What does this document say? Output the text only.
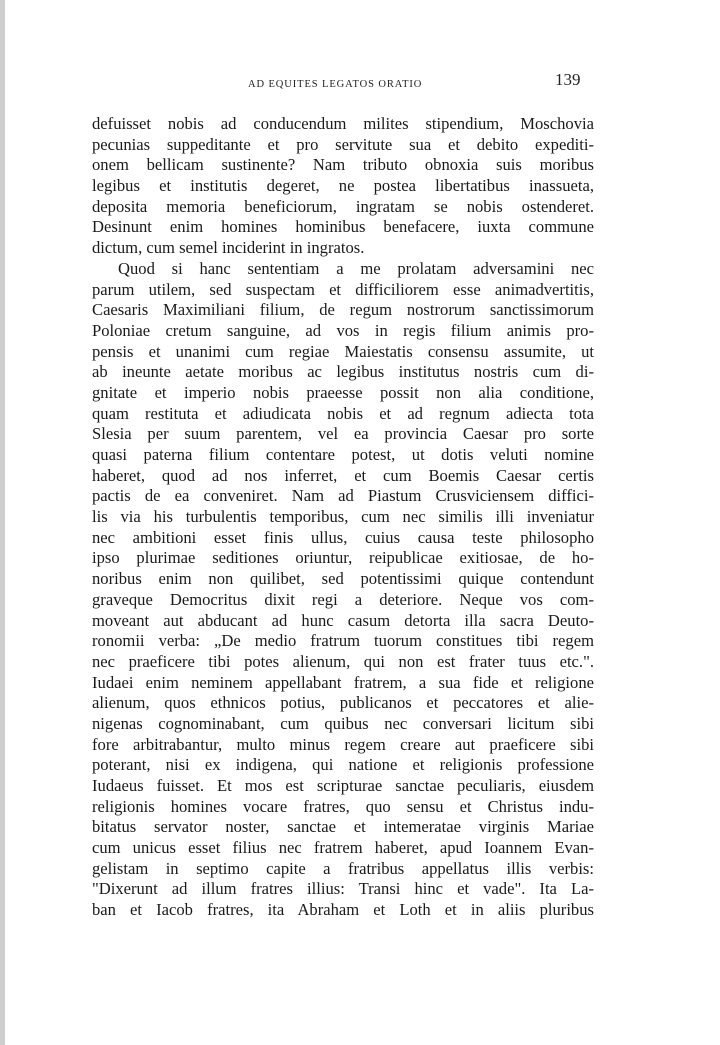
AD EQUITES LEGATOS ORATIO	139
defuisset nobis ad conducendum milites stipendium, Moschovia
pecunias suppeditante et pro servitute sua et debito expediti-
onem bellicam sustinente? Nam tributo obnoxia suis moribus
legibus et institutis degeret, ne postea libertatibus inassueta,
deposita memoria beneficiorum, ingratam se nobis ostenderet.
Desinunt enim homines hominibus benefacere, iuxta commune
dictum, cum semel inciderint in ingratos.
Quod si hanc sententiam a me prolatam adversamini nec
parum utilem, sed suspectam et difficiliorem esse animadvertitis,
Caesaris Maximiliani filium, de regum nostrorum sanctissimorum
Poloniae cretum sanguine, ad vos in regis filium animis pro-
pensis et unanimi cum regiae Maiestatis consensu assumite, ut
ab ineunte aetate moribus ac legibus institutus nostris cum di-
gnitate et imperio nobis praeesse possit non alia conditione,
quam restituta et adiudicata nobis et ad regnum adiecta tota
Slesia per suum parentem, vel ea provincia Caesar pro sorte
quasi paterna filium contentare potest, ut dotis veluti nomine
haberet, quod ad nos inferret, et cum Boemis Caesar certis
pactis de ea conveniret. Nam ad Piastum Crusviciensem diffici-
lis via his turbulentis temporibus, cum nec similis illi inveniatur
nec ambitioni esset finis ullus, cuius causa teste philosopho
ipso plurimae seditiones oriuntur, reipublicae exitiosae, de ho-
noribus enim non quilibet, sed potentissimi quique contendunt
graveque Democritus dixit regi a deteriore. Neque vos com-
moveant aut abducant ad hunc casum detorta illa sacra Deuto-
ronomii verba: „De medio fratrum tuorum constitues tibi regem
nec praeficere tibi potes alienum, qui non est frater tuus etc.".
Iudaei enim neminem appellabant fratrem, a sua fide et religione
alienum, quos ethnicos potius, publicanos et peccatores et alie-
nigenas cognominabant, cum quibus nec conversari licitum sibi
fore arbitrabantur, multo minus regem creare aut praeficere sibi
poterant, nisi ex indigena, qui natione et religionis professione
Iudaeus fuisset. Et mos est scripturae sanctae peculiaris, eiusdem
religionis homines vocare fratres, quo sensu et Christus indu-
bitatus servator noster, sanctae et intemeratae virginis Mariae
cum unicus esset filius nec fratrem haberet, apud Ioannem Evan-
gelistam in septimo capite a fratribus appellatus illis verbis:
"Dixerunt ad illum fratres illius: Transi hinc et vade". Ita La-
ban et Iacob fratres, ita Abraham et Loth et in aliis pluribus
